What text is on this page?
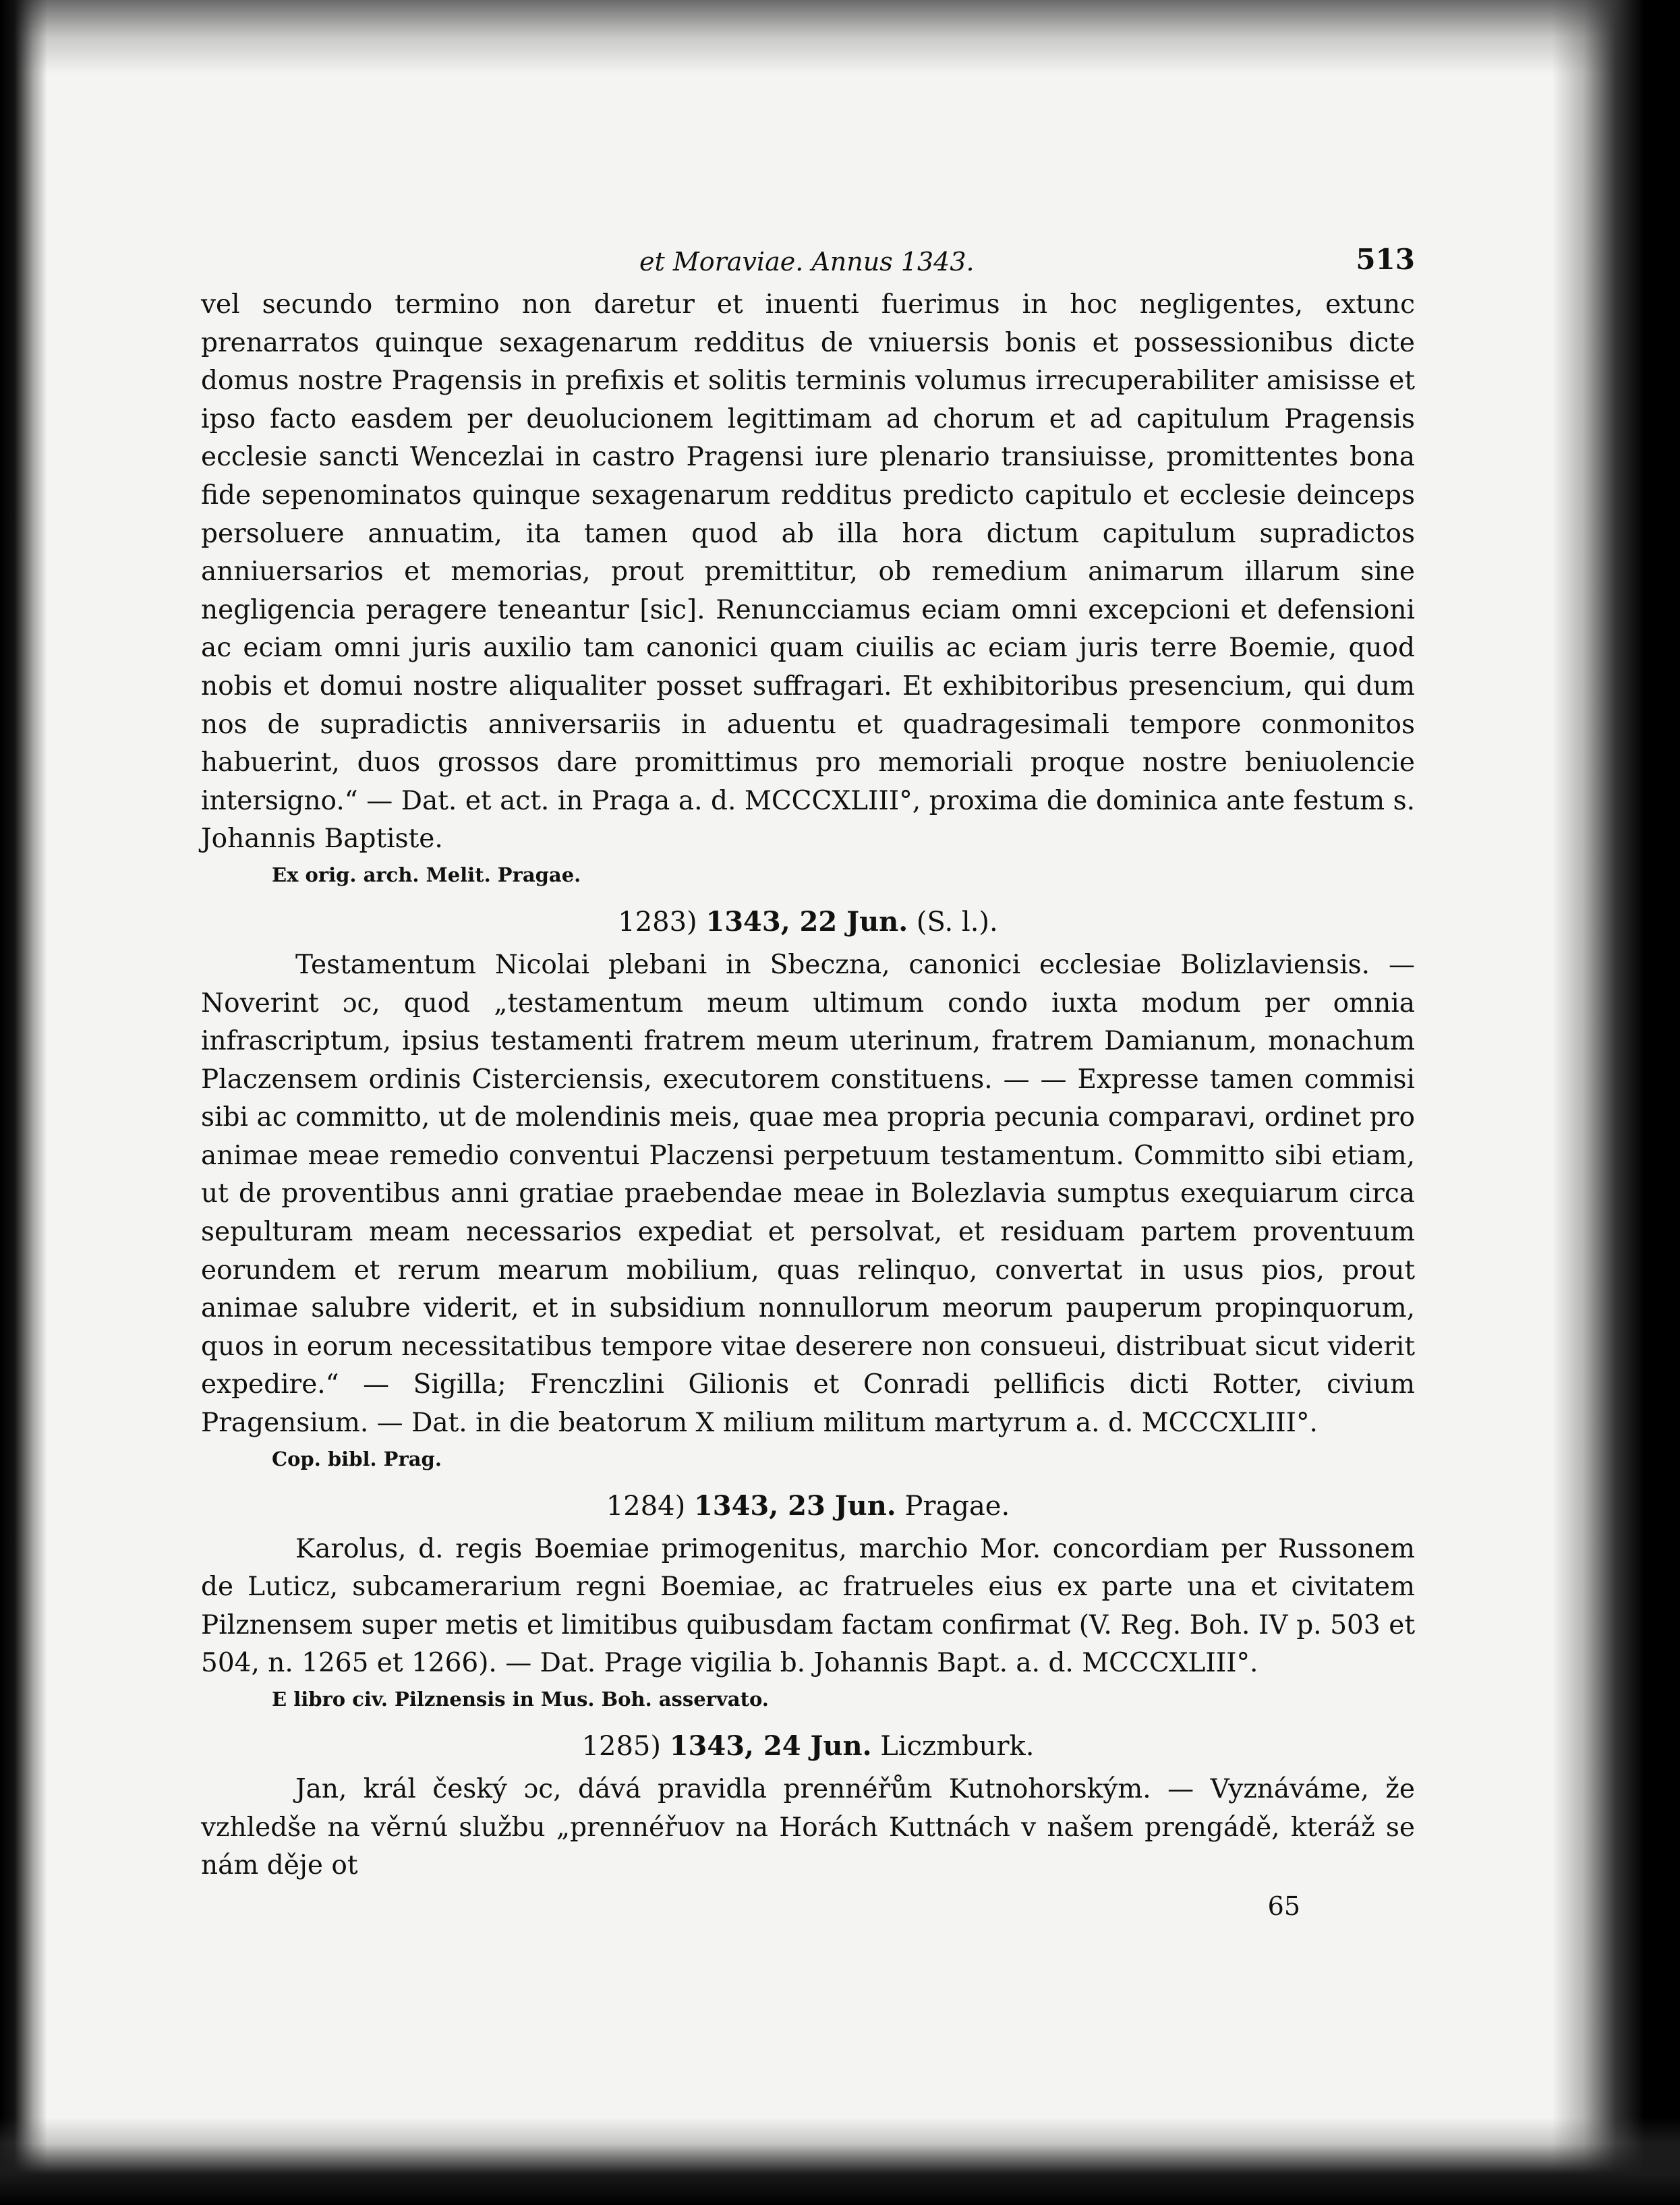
et Moraviae. Annus 1343.	513

vel secundo termino non daretur et inuenti fuerimus in hoc negligentes, extunc prenarratos quinque sexagenarum redditus de vniuersis bonis et possessionibus dicte domus nostre Pragensis in prefixis et solitis terminis volumus irrecuperabiliter amisisse et ipso facto easdem per deuolucionem legittimam ad chorum et ad capitulum Pragensis ecclesie sancti Wencezlai in castro Pragensi iure plenario transiuisse, promittentes bona fide sepenominatos quinque sexagenarum redditus predicto capitulo et ecclesie deinceps persoluere annuatim, ita tamen quod ab illa hora dictum capitulum supradictos anniuersarios et memorias, prout premittitur, ob remedium animarum illarum sine negligencia peragere teneantur [sic]. Renuncciamus eciam omni excepcioni et defensioni ac eciam omni juris auxilio tam canonici quam ciuilis ac eciam juris terre Boemie, quod nobis et domui nostre aliqualiter posset suffragari. Et exhibitoribus presencium, qui dum nos de supradictis anniversariis in aduentu et quadragesimali tempore conmonitos habuerint, duos grossos dare promittimus pro memoriali proque nostre beniuolencie intersigno.“ — Dat. et act. in Praga a. d. MCCCXLIII°, proxima die dominica ante festum s. Johannis Baptiste.

Ex orig. arch. Melit. Pragae.
1283) 1343, 22 Jun. (S. l.).

Testamentum Nicolai plebani in Sbeczna, canonici ecclesiae Bolizlaviensis. — Noverint ɔc, quod „testamentum meum ultimum condo iuxta modum per omnia infrascriptum, ipsius testamenti fratrem meum uterinum, fratrem Damianum, monachum Placzensem ordinis Cisterciensis, executorem constituens. — — Expresse tamen commisi sibi ac committo, ut de molendinis meis, quae mea propria pecunia comparavi, ordinet pro animae meae remedio conventui Placzensi perpetuum testamentum. Committo sibi etiam, ut de proventibus anni gratiae praebendae meae in Bolezlavia sumptus exequiarum circa sepulturam meam necessarios expediat et persolvat, et residuam partem proventuum eorundem et rerum mearum mobilium, quas relinquo, convertat in usus pios, prout animae salubre viderit, et in subsidium nonnullorum meorum pauperum propinquorum, quos in eorum necessitatibus tempore vitae deserere non consueui, distribuat sicut viderit expedire.“ — Sigilla; Frenczlini Gilionis et Conradi pellificis dicti Rotter, civium Pragensium. — Dat. in die beatorum X milium militum martyrum a. d. MCCCXLIII°.

Cop. bibl. Prag.
1284) 1343, 23 Jun. Pragae.

Karolus, d. regis Boemiae primogenitus, marchio Mor. concordiam per Russonem de Luticz, subcamerarium regni Boemiae, ac fratrueles eius ex parte una et civitatem Pilznensem super metis et limitibus quibusdam factam confirmat (V. Reg. Boh. IV p. 503 et 504, n. 1265 et 1266). — Dat. Prage vigilia b. Johannis Bapt. a. d. MCCCXLIII°.

E libro civ. Pilznensis in Mus. Boh. asservato.
1285) 1343, 24 Jun. Liczmburk.

Jan, král český ɔc, dává pravidla prennéřům Kutnohorským. — Vyznáváme, že vzhledše na věrnú službu „prennéřuov na Horách Kuttnách v našem prengádě, kteráž se nám děje ot

65
